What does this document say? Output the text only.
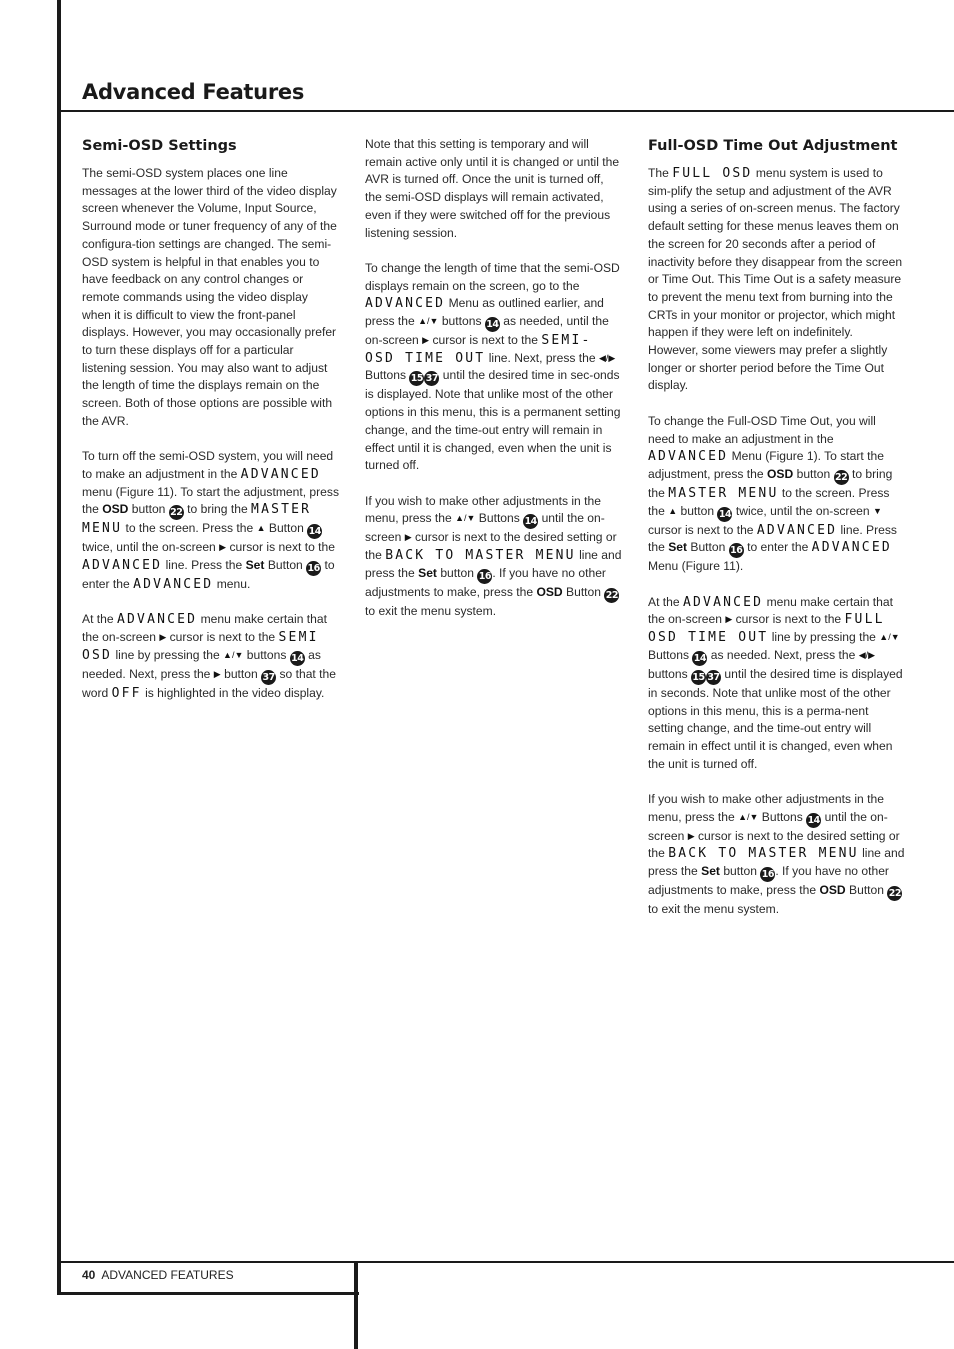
Advanced Features
Semi-OSD Settings

The semi-OSD system places one line messages at the lower third of the video display screen whenever the Volume, Input Source, Surround mode or tuner frequency of any of the configura-tion settings are changed. The semi-OSD system is helpful in that enables you to have feedback on any control changes or remote commands using the video display when it is difficult to view the front-panel displays. However, you may occasionally prefer to turn these displays off for a particular listening session. You may also want to adjust the length of time the displays remain on the screen. Both of those options are possible with the AVR.

To turn off the semi-OSD system, you will need to make an adjustment in the ADVANCED menu (Figure 11). To start the adjustment, press the OSD button 22 to bring the MASTER MENU to the screen. Press the ▲ Button 14 twice, until the on-screen ▶ cursor is next to the ADVANCED line. Press the Set Button 16 to enter the ADVANCED menu.

At the ADVANCED menu make certain that the on-screen ▶ cursor is next to the SEMI OSD line by pressing the ▲/▼ buttons 14 as needed. Next, press the ▶ button 37 so that the word OFF is highlighted in the video display.

Note that this setting is temporary and will remain active only until it is changed or until the AVR is turned off. Once the unit is turned off, the semi-OSD displays will remain activated, even if they were switched off for the previous listening session.

To change the length of time that the semi-OSD displays remain on the screen, go to the ADVANCED Menu as outlined earlier, and press the ▲/▼ buttons 14 as needed, until the on-screen ▶ cursor is next to the SEMI- OSD TIME OUT line. Next, press the ◀/▶ Buttons 15 37 until the desired time in sec-onds is displayed. Note that unlike most of the other options in this menu, this is a permanent setting change, and the time-out entry will remain in effect until it is changed, even when the unit is turned off.

If you wish to make other adjustments in the menu, press the ▲/▼ Buttons 14 until the on-screen ▶ cursor is next to the desired setting or the BACK TO MASTER MENU line and press the Set button 16. If you have no other adjustments to make, press the OSD Button 22 to exit the menu system.

Full-OSD Time Out Adjustment

The FULL OSD menu system is used to sim-plify the setup and adjustment of the AVR using a series of on-screen menus. The factory default setting for these menus leaves them on the screen for 20 seconds after a period of inactivity before they disappear from the screen or Time Out. This Time Out is a safety measure to prevent the menu text from burning into the CRTs in your monitor or projector, which might happen if they were left on indefinitely. However, some viewers may prefer a slightly longer or shorter period before the Time Out display.

To change the Full-OSD Time Out, you will need to make an adjustment in the ADVANCED Menu (Figure 1). To start the adjustment, press the OSD button 22 to bring the MASTER MENU to the screen. Press the ▲ button 14 twice, until the on-screen ▼ cursor is next to the ADVANCED line. Press the Set Button 16 to enter the ADVANCED Menu (Figure 11).

At the ADVANCED menu make certain that the on-screen ▶ cursor is next to the FULL OSD TIME OUT line by pressing the ▲/▼ Buttons 14 as needed. Next, press the ◀/▶ buttons 15 37 until the desired time is displayed in seconds. Note that unlike most of the other options in this menu, this is a perma-nent setting change, and the time-out entry will remain in effect until it is changed, even when the unit is turned off.

If you wish to make other adjustments in the menu, press the ▲/▼ Buttons 14 until the on-screen ▶ cursor is next to the desired setting or the BACK TO MASTER MENU line and press the Set button 16. If you have no other adjustments to make, press the OSD Button 22 to exit the menu system.

40 ADVANCED FEATURES
